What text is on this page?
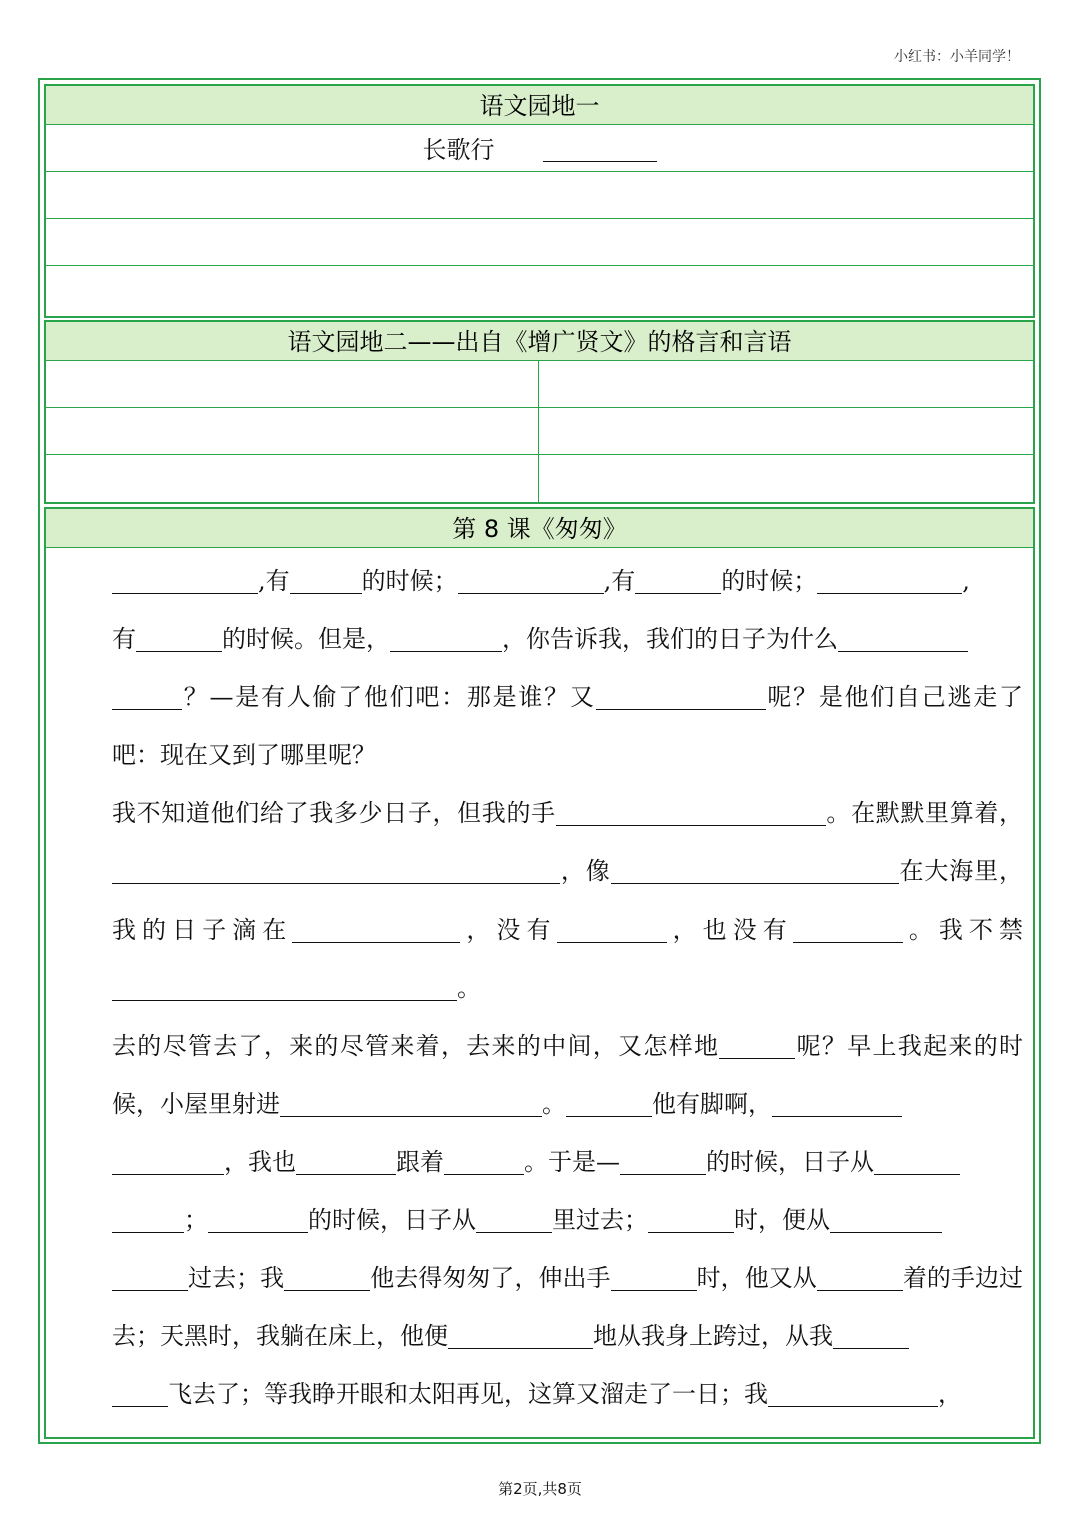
小红书：小羊同学！
语文园地一
长歌行
语文园地二——出自《增广贤文》的格言和言语
第 8 课《匆匆》

,有	的时候；	,有	的时候；	,
有	的时候。但是，	，你告诉我，我们的日子为什么
？—是有人偷了他们吧：那是谁？又	呢？是他们自己逃走了吧：现在又到了哪里呢？

我不知道他们给了我多少日子，但我的手	。在默默里算着，，像	在大海里，我的日子滴在	，没有	，也没有	。我不禁。

去的尽管去了，来的尽管来着，去来的中间，又怎样地	呢？早上我起来的时候，小屋里射进	。	他有脚啊，
，我也	跟着	。于是—	的时候，日子从
；	的时候，日子从	里过去；	时，便从
过去；我	他去得匆匆了，伸出手	时，他又从	着的手边过去；天黑时，我躺在床上，他便	地从我身上跨过，从我
飞去了；等我睁开眼和太阳再见，这算又溜走了一日；我	，

第2页,共8页
